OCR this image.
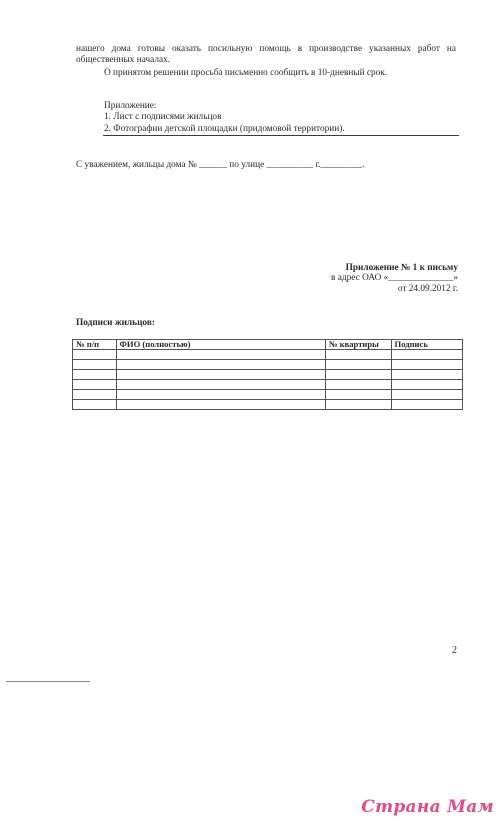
нашего дома готовы оказать посильную помощь в производстве указанных работ на
общественных началах.
О принятом решении просьба письменно сообщить в 10-дневный срок.
Приложение:
1. Лист с подписями жильцов
2. Фотографии детской площадки (придомовой территории).
С уважением, жильцы дома № ______ по улице __________ г._________.
Приложение № 1 к письму
в адрес ОАО «______________»
от 24.09.2012 г.
Подписи жильцов:
№ п/п	ФИО (полностью)	№ квартиры	Подпись

2
Страна Мам
